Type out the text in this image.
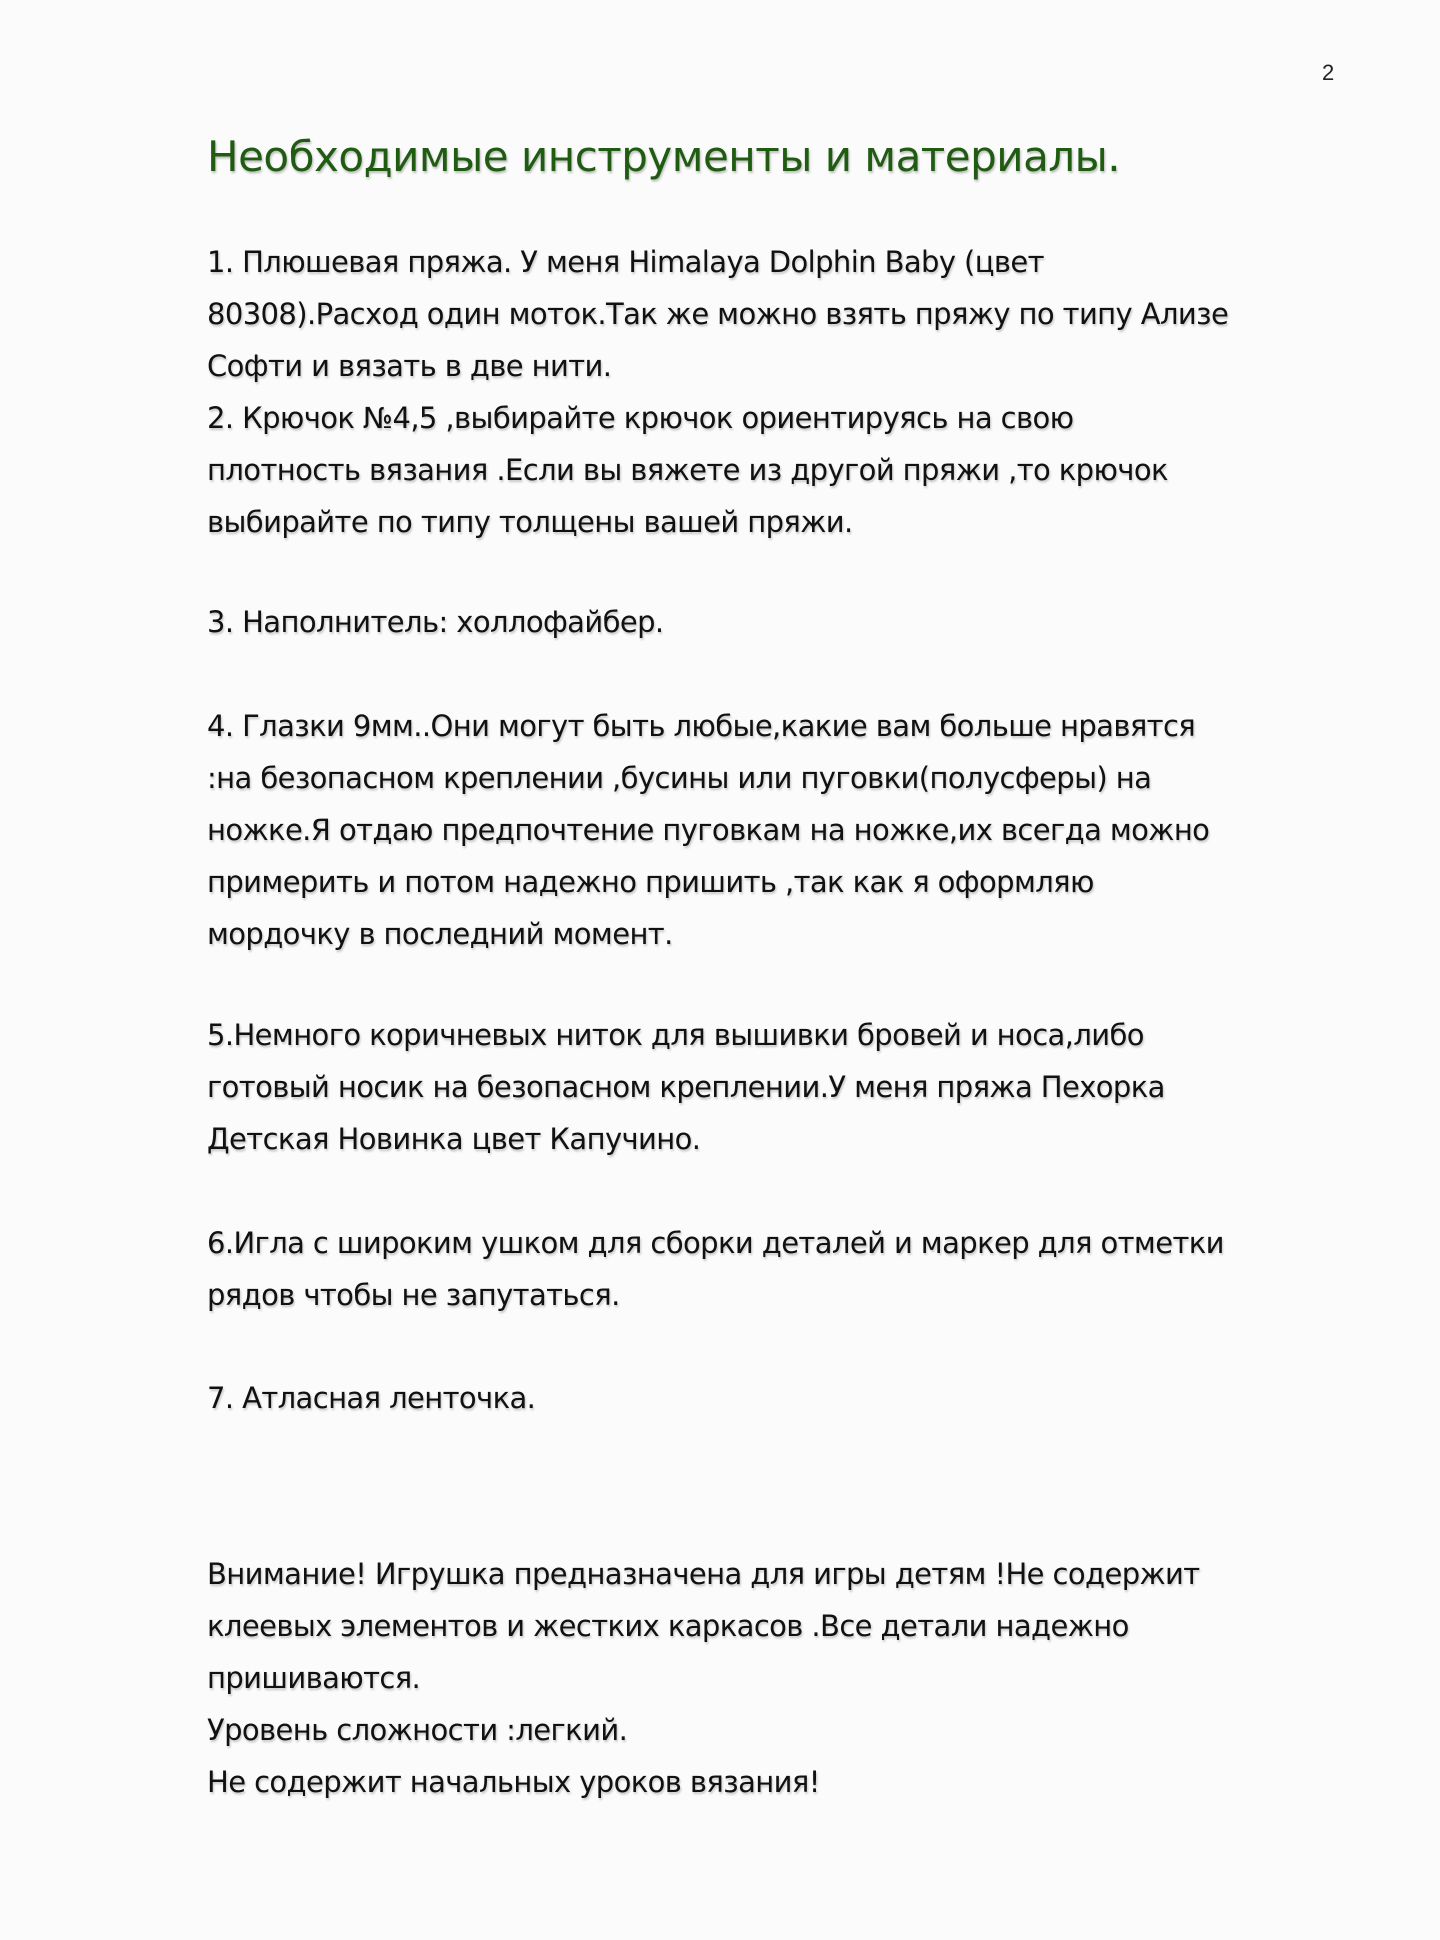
2
Необходимые инструменты и материалы.
1. Плюшевая пряжа. У меня Himalaya Dolphin Baby (цвет
80308).Расход один моток.Так же можно взять пряжу по типу Ализе
Софти и вязать в две нити.
2. Крючок №4,5 ,выбирайте крючок ориентируясь на свою
плотность вязания .Если вы вяжете из другой пряжи ,то крючок
выбирайте по типу толщены вашей пряжи.
3. Наполнитель: холлофайбер.
4. Глазки 9мм..Они могут быть любые,какие вам больше нравятся
:на безопасном креплении ,бусины или пуговки(полусферы) на
ножке.Я отдаю предпочтение пуговкам на ножке,их всегда можно
примерить и потом надежно пришить ,так как я оформляю
мордочку в последний момент.
5.Немного коричневых ниток для вышивки бровей и носа,либо
готовый носик на безопасном креплении.У меня пряжа Пехорка
Детская Новинка цвет Капучино.
6.Игла с широким ушком для сборки деталей и маркер для отметки
рядов чтобы не запутаться.
7. Атласная ленточка.
Внимание! Игрушка предназначена для игры детям !Не содержит
клеевых элементов и жестких каркасов .Все детали надежно
пришиваются.
Уровень сложности :легкий.
Не содержит начальных уроков вязания!
